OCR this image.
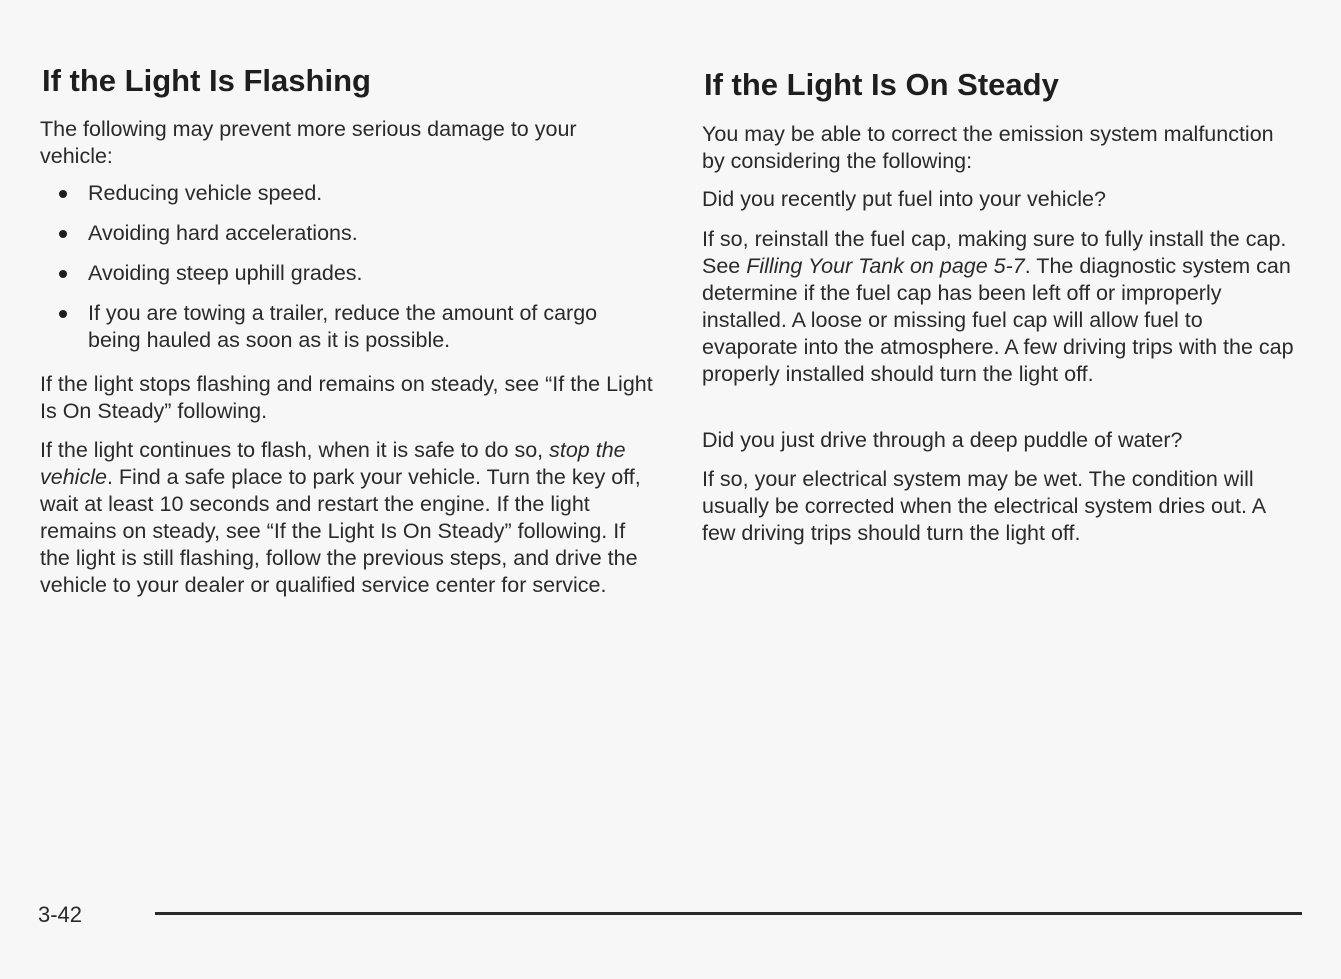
If the Light Is Flashing

The following may prevent more serious damage to your vehicle:

Reducing vehicle speed.
Avoiding hard accelerations.
Avoiding steep uphill grades.
If you are towing a trailer, reduce the amount of cargo being hauled as soon as it is possible.

If the light stops flashing and remains on steady, see “If the Light Is On Steady” following.

If the light continues to flash, when it is safe to do so, stop the vehicle. Find a safe place to park your vehicle. Turn the key off, wait at least 10 seconds and restart the engine. If the light remains on steady, see “If the Light Is On Steady” following. If the light is still flashing, follow the previous steps, and drive the vehicle to your dealer or qualified service center for service.

If the Light Is On Steady

You may be able to correct the emission system malfunction by considering the following:

Did you recently put fuel into your vehicle?

If so, reinstall the fuel cap, making sure to fully install the cap. See Filling Your Tank on page 5-7. The diagnostic system can determine if the fuel cap has been left off or improperly installed. A loose or missing fuel cap will allow fuel to evaporate into the atmosphere. A few driving trips with the cap properly installed should turn the light off.

Did you just drive through a deep puddle of water?

If so, your electrical system may be wet. The condition will usually be corrected when the electrical system dries out. A few driving trips should turn the light off.

3-42
